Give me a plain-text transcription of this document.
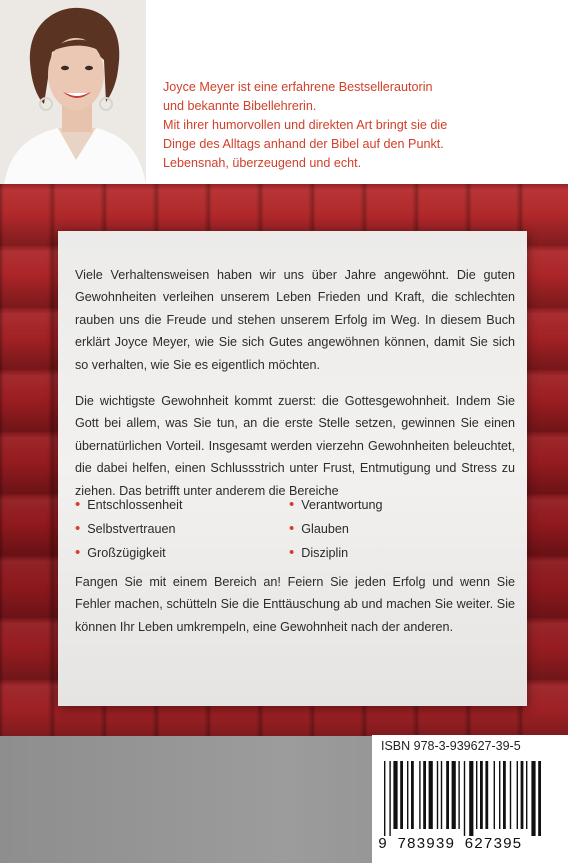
Joyce Meyer ist eine erfahrene Bestsellerautorin

und bekannte Bibellehrerin.

Mit ihrer humorvollen und direkten Art bringt sie die

Dinge des Alltags anhand der Bibel auf den Punkt.

Lebensnah, überzeugend und echt.

Viele Verhaltensweisen haben wir uns über Jahre angewöhnt. Die guten Gewohnheiten verleihen unserem Leben Frieden und Kraft, die schlechten rauben uns die Freude und stehen unserem Erfolg im Weg. In diesem Buch erklärt Joyce Meyer, wie Sie sich Gutes angewöhnen können, damit Sie sich so verhalten, wie Sie es eigentlich möchten.

Die wichtigste Gewohnheit kommt zuerst: die Gottesgewohnheit. Indem Sie Gott bei allem, was Sie tun, an die erste Stelle setzen, gewinnen Sie einen übernatürlichen Vorteil. Insgesamt werden vierzehn Gewohnheiten beleuchtet, die dabei helfen, einen Schlussstrich unter Frust, Entmutigung und Stress zu ziehen. Das betrifft unter anderem die Bereiche

• Entschlossenheit
• Selbstvertrauen
• Großzügigkeit
• Verantwortung
• Glauben
• Disziplin

Fangen Sie mit einem Bereich an! Feiern Sie jeden Erfolg und wenn Sie Fehler machen, schütteln Sie die Enttäuschung ab und machen Sie weiter. Sie können Ihr Leben umkrempeln, eine Gewohnheit nach der anderen.

ISBN 978-3-939627-39-5
9 783939 627395
